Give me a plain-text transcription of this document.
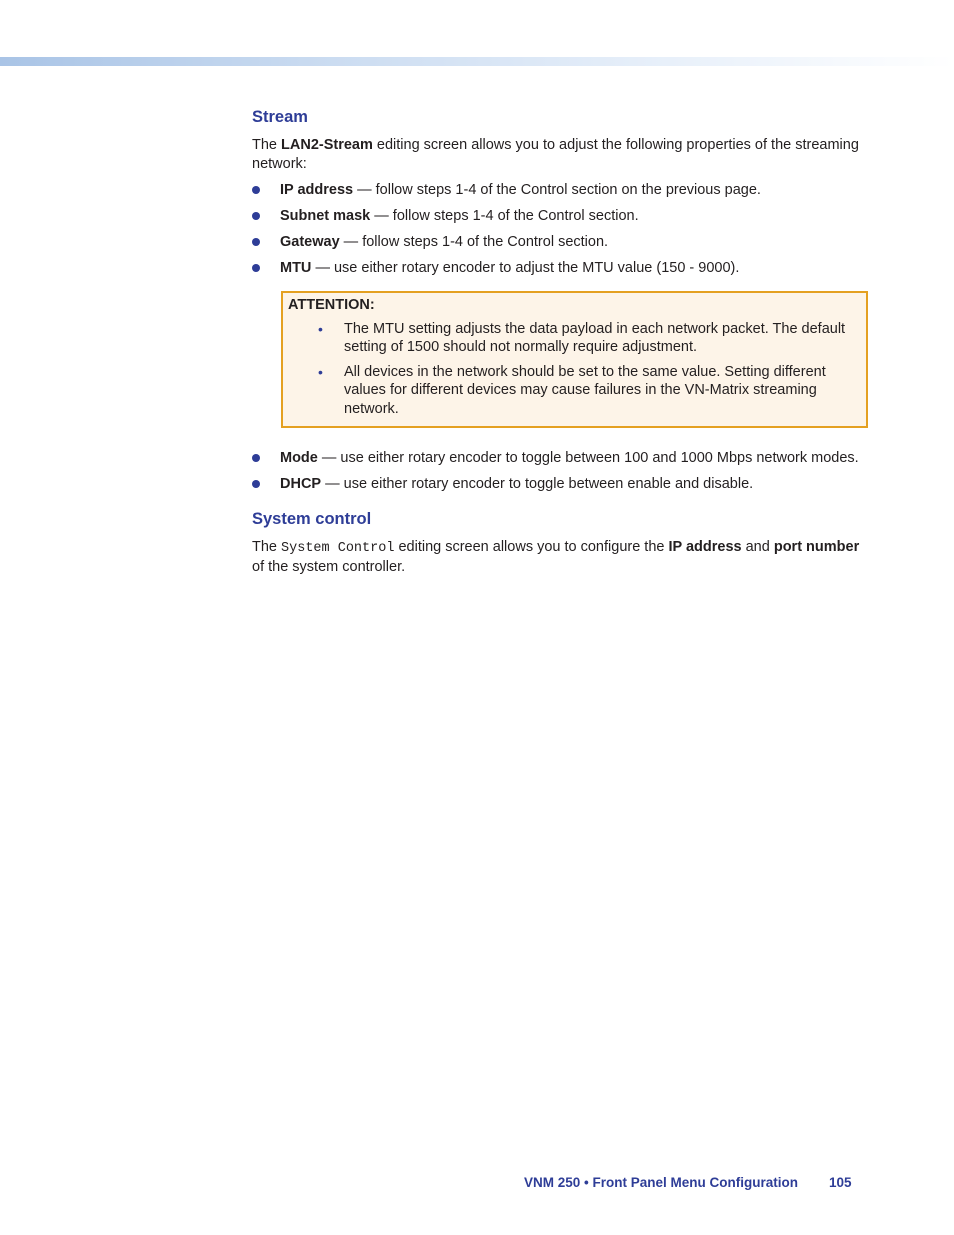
Stream

The LAN2-Stream editing screen allows you to adjust the following properties of the streaming network:

IP address — follow steps 1-4 of the Control section on the previous page.
Subnet mask — follow steps 1-4 of the Control section.
Gateway — follow steps 1-4 of the Control section.
MTU — use either rotary encoder to adjust the MTU value (150 - 9000).
ATTENTION:
• The MTU setting adjusts the data payload in each network packet. The default setting of 1500 should not normally require adjustment.
• All devices in the network should be set to the same value. Setting different values for different devices may cause failures in the VN-Matrix streaming network.
Mode — use either rotary encoder to toggle between 100 and 1000 Mbps network modes.
DHCP — use either rotary encoder to toggle between enable and disable.
System control

The System Control editing screen allows you to configure the IP address and port number of the system controller.

VNM 250 • Front Panel Menu Configuration 105
